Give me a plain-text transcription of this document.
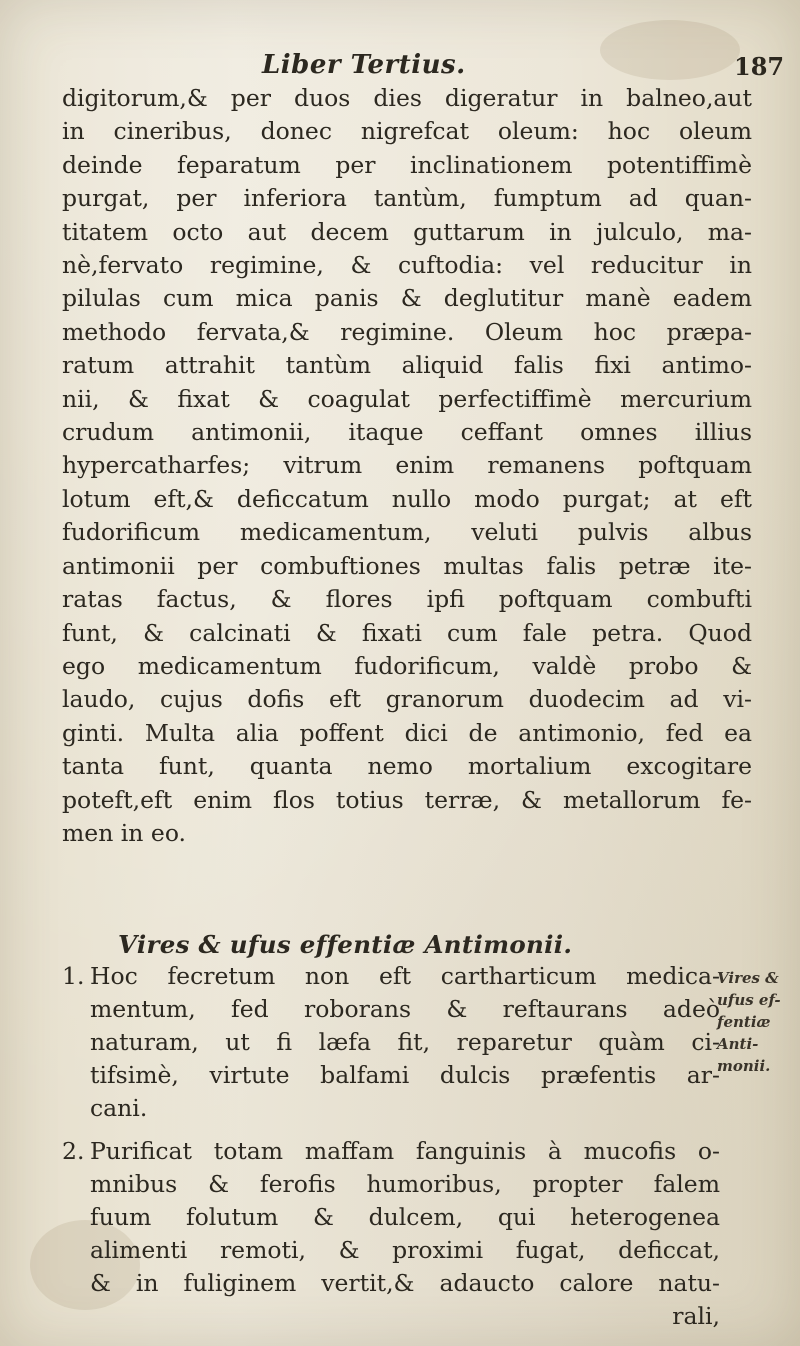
Liber Tertius.	187

digitorum,& per duos dies digeratur in balneo,aut
in cineribus, donec nigrefcat oleum: hoc oleum
deinde feparatum per inclinationem potentiffimè
purgat, per inferiora tantùm, fumptum ad quan-
titatem octo aut decem guttarum in julculo, ma-
nè,fervato regimine, & cuftodia: vel reducitur in
pilulas cum mica panis & deglutitur manè eadem
methodo fervata,& regimine. Oleum hoc præpa-
ratum attrahit tantùm aliquid falis fixi antimo-
nii, & fixat & coagulat perfectiffimè mercurium
crudum antimonii, itaque ceffant omnes illius
hypercatharfes; vitrum enim remanens poftquam
lotum eft,& deficcatum nullo modo purgat; at eft
fudorificum medicamentum, veluti pulvis albus
antimonii per combuftiones multas falis petræ ite-
ratas factus, & flores ipfi poftquam combufti
funt, & calcinati & fixati cum fale petra. Quod
ego medicamentum fudorificum, valdè probo &
laudo, cujus dofis eft granorum duodecim ad vi-
ginti. Multa alia poffent dici de antimonio, fed ea
tanta funt, quanta nemo mortalium excogitare
poteft,eft enim flos totius terræ, & metallorum fe-
men in eo.

Vires & ufus effentiæ Antimonii.
1. Hoc fecretum non eft cartharticum medica-
mentum, fed roborans & reftaurans adeò
naturam, ut fi læfa fit, reparetur quàm ci-
tifsimè, virtute balfami dulcis præfentis ar-
cani.
2. Purificat totam maffam fanguinis à mucofis o-
mnibus & ferofis humoribus, propter falem
fuum folutum & dulcem, qui heterogenea
alimenti remoti, & proximi fugat, deficcat,
& in fuliginem vertit,& adaucto calore natu-
rali,
Vires &
ufus ef-
fentiæ
Anti-
monii.
